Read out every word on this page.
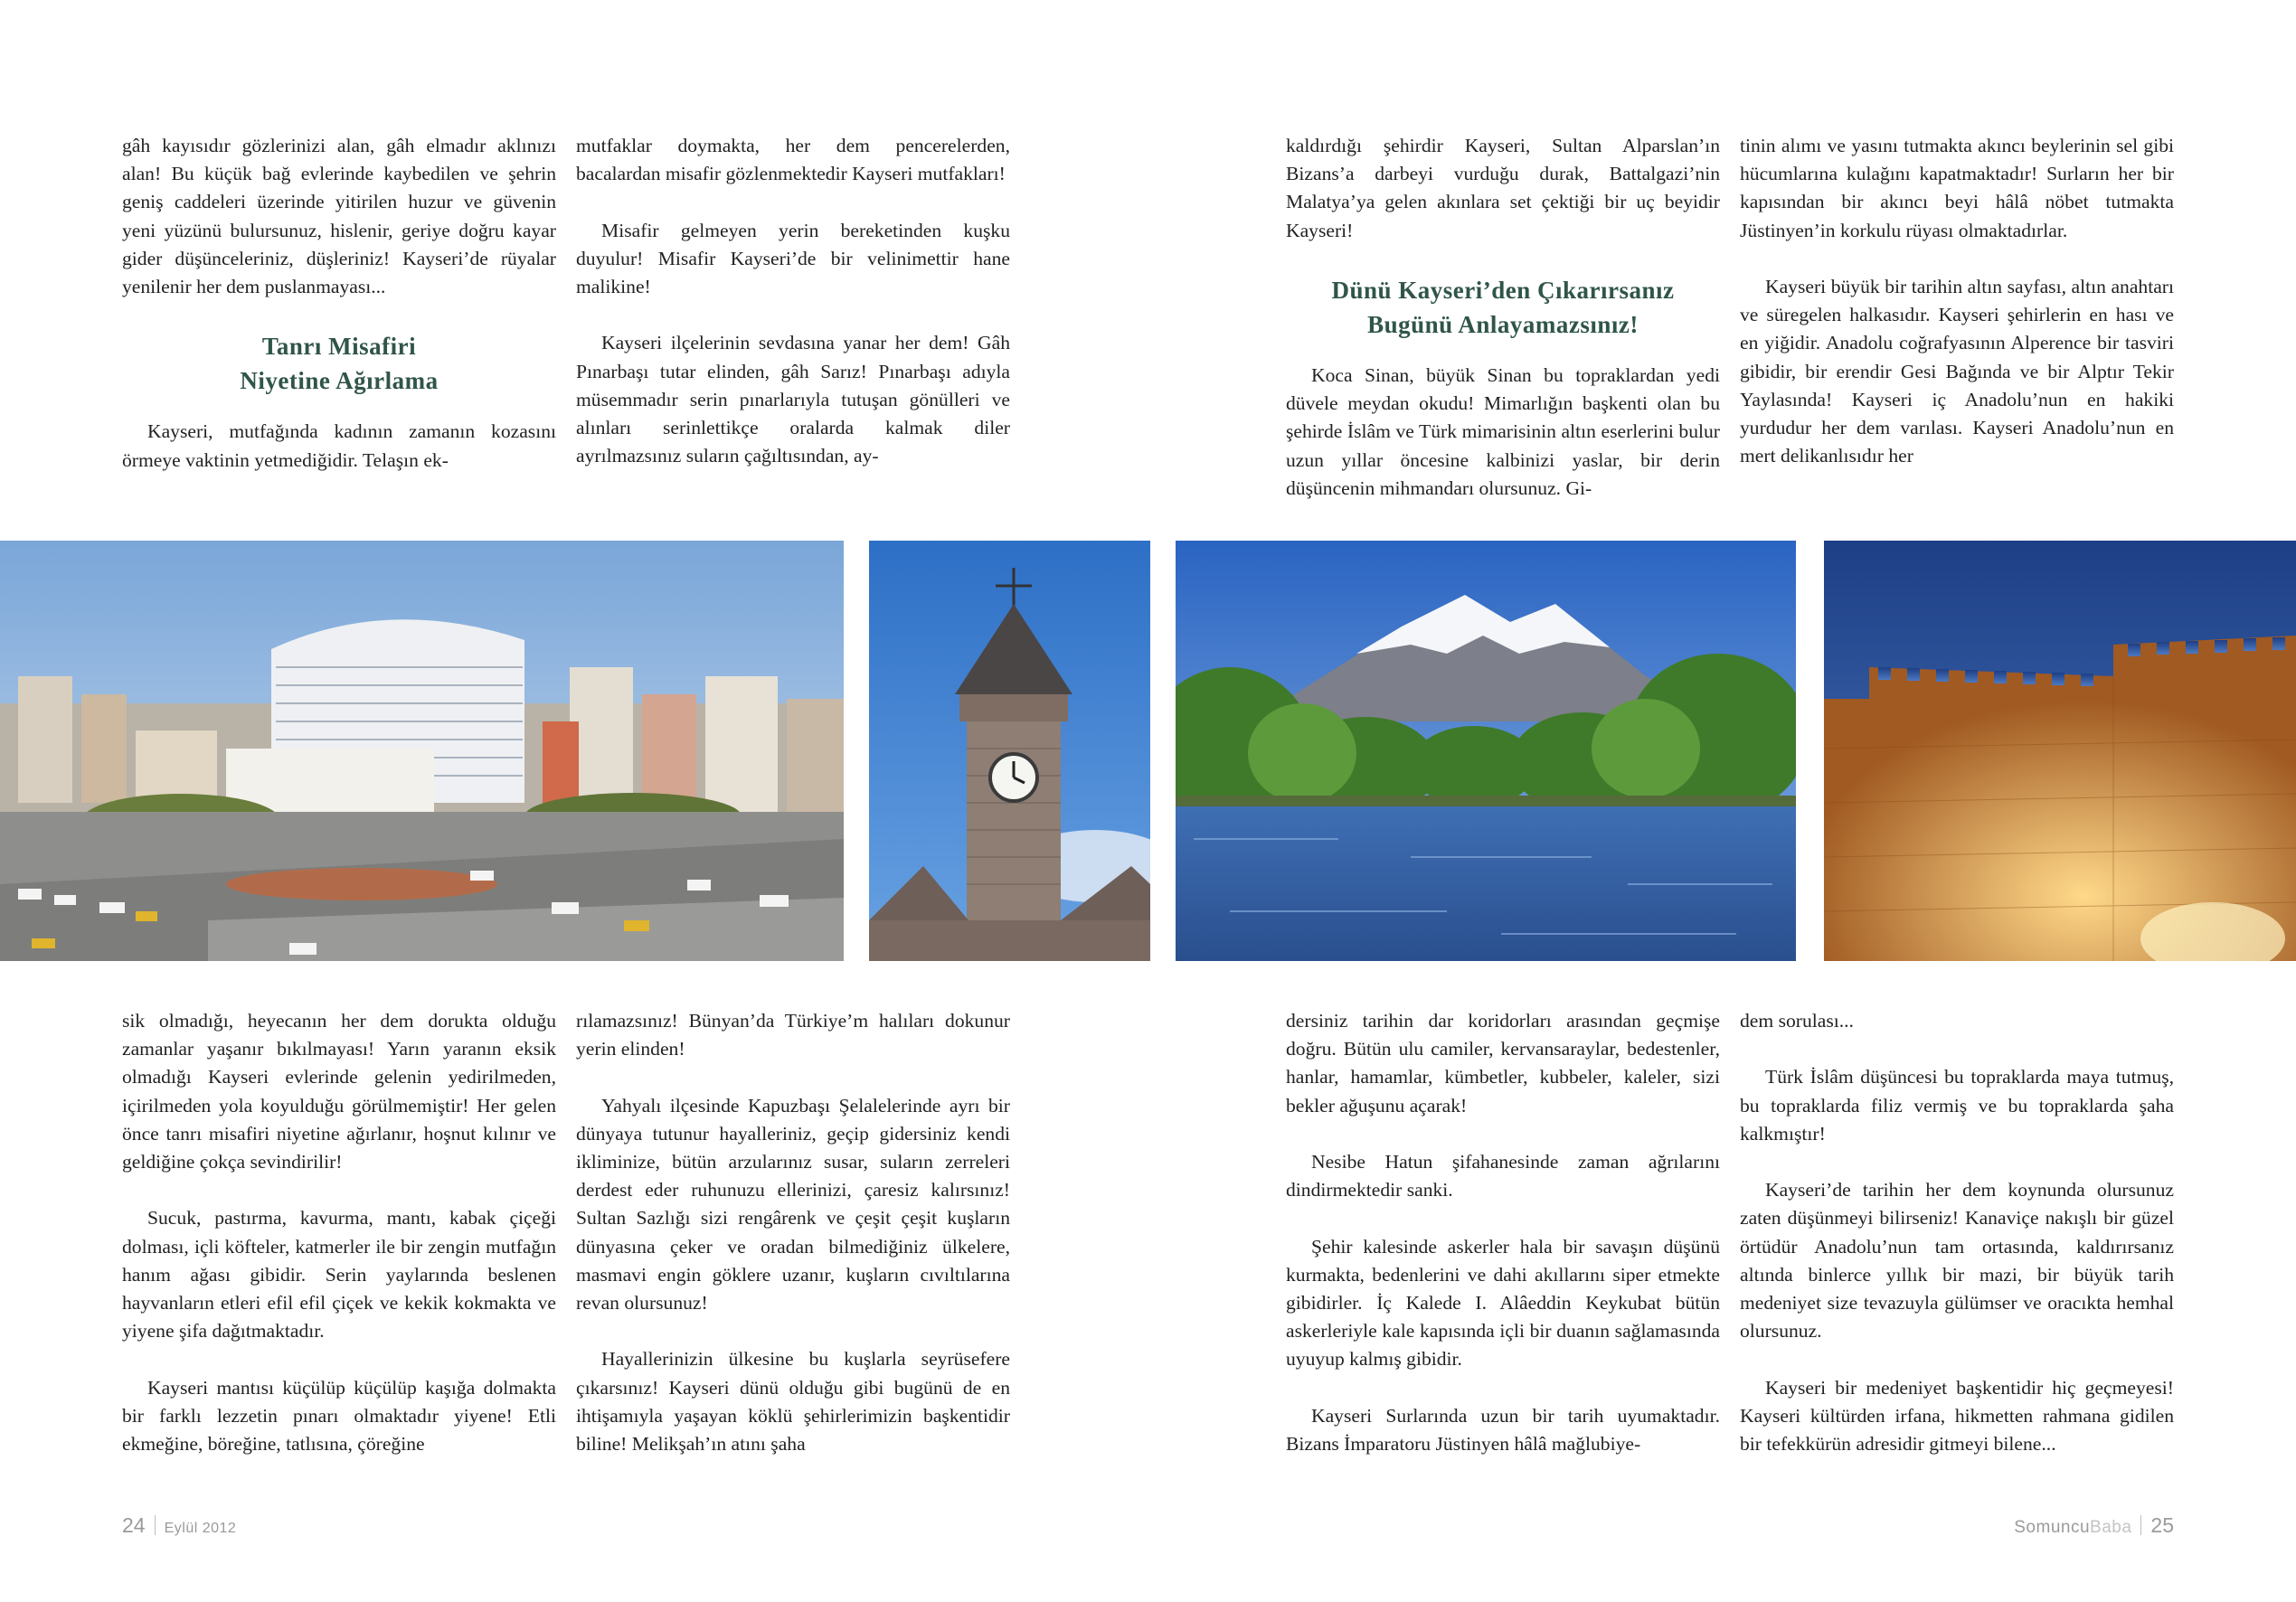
gâh kayısıdır gözlerinizi alan, gâh elmadır aklınızı alan! Bu küçük bağ evlerinde kaybedilen ve şehrin geniş caddeleri üzerinde yitirilen huzur ve güvenin yeni yüzünü bulursunuz, hislenir, geriye doğru kayar gider düşünceleriniz, düşleriniz! Kayseri’de rüyalar yenilenir her dem puslanmayası...

Tanrı Misafiri
Niyetine Ağırlama

Kayseri, mutfağında kadının zamanın kozasını örmeye vaktinin yetmediğidir. Telaşın ek-

mutfaklar doymakta, her dem pencerelerden, bacalardan misafir gözlenmektedir Kayseri mutfakları!

Misafir gelmeyen yerin bereketinden kuşku duyulur! Misafir Kayseri’de bir velinimettir hane malikine!

Kayseri ilçelerinin sevdasına yanar her dem! Gâh Pınarbaşı tutar elinden, gâh Sarız! Pınarbaşı adıyla müsemmadır serin pınarlarıyla tutuşan gönülleri ve alınları serinlettikçe oralarda kalmak diler ayrılmazsınız suların çağıltısından, ay-

kaldırdığı şehirdir Kayseri, Sultan Alparslan’ın Bizans’a darbeyi vurduğu durak, Battalgazi’nin Malatya’ya gelen akınlara set çektiği bir uç beyidir Kayseri!

Dünü Kayseri’den Çıkarırsanız
Bugünü Anlayamazsınız!

Koca Sinan, büyük Sinan bu topraklardan yedi düvele meydan okudu! Mimarlığın başkenti olan bu şehirde İslâm ve Türk mimarisinin altın eserlerini bulur uzun yıllar öncesine kalbinizi yaslar, bir derin düşüncenin mihmandarı olursunuz. Gi-

tinin alımı ve yasını tutmakta akıncı beylerinin sel gibi hücumlarına kulağını kapatmaktadır! Surların her bir kapısından bir akıncı beyi hâlâ nöbet tutmakta Jüstinyen’in korkulu rüyası olmaktadırlar.

Kayseri büyük bir tarihin altın sayfası, altın anahtarı ve süregelen halkasıdır. Kayseri şehirlerin en hası ve en yiğidir. Anadolu coğrafyasının Alperence bir tasviri gibidir, bir erendir Gesi Bağında ve bir Alptır Tekir Yaylasında! Kayseri iç Anadolu’nun en hakiki yurdudur her dem varılası. Kayseri Anadolu’nun en mert delikanlısıdır her

sik olmadığı, heyecanın her dem dorukta olduğu zamanlar yaşanır bıkılmayası! Yarın yaranın eksik olmadığı Kayseri evlerinde gelenin yedirilmeden, içirilmeden yola koyulduğu görülmemiştir! Her gelen önce tanrı misafiri niyetine ağırlanır, hoşnut kılınır ve geldiğine çokça sevindirilir!

Sucuk, pastırma, kavurma, mantı, kabak çiçeği dolması, içli köfteler, katmerler ile bir zengin mutfağın hanım ağası gibidir. Serin yaylarında beslenen hayvanların etleri efil efil çiçek ve kekik kokmakta ve yiyene şifa dağıtmaktadır.

Kayseri mantısı küçülüp küçülüp kaşığa dolmakta bir farklı lezzetin pınarı olmaktadır yiyene! Etli ekmeğine, böreğine, tatlısına, çöreğine

rılamazsınız! Bünyan’da Türkiye’m halıları dokunur yerin elinden!

Yahyalı ilçesinde Kapuzbaşı Şelalelerinde ayrı bir dünyaya tutunur hayalleriniz, geçip gidersiniz kendi ikliminize, bütün arzularınız susar, suların zerreleri derdest eder ruhunuzu ellerinizi, çaresiz kalırsınız! Sultan Sazlığı sizi rengârenk ve çeşit çeşit kuşların dünyasına çeker ve oradan bilmediğiniz ülkelere, masmavi engin göklere uzanır, kuşların cıvıltılarına revan olursunuz!

Hayallerinizin ülkesine bu kuşlarla seyrüsefere çıkarsınız! Kayseri dünü olduğu gibi bugünü de en ihtişamıyla yaşayan köklü şehirlerimizin başkentidir biline! Melikşah’ın atını şaha

dersiniz tarihin dar koridorları arasından geçmişe doğru. Bütün ulu camiler, kervansaraylar, bedestenler, hanlar, hamamlar, kümbetler, kubbeler, kaleler, sizi bekler ağuşunu açarak!

Nesibe Hatun şifahanesinde zaman ağrılarını dindirmektedir sanki.

Şehir kalesinde askerler hala bir savaşın düşünü kurmakta, bedenlerini ve dahi akıllarını siper etmekte gibidirler. İç Kalede I. Alâeddin Keykubat bütün askerleriyle kale kapısında içli bir duanın sağlamasında uyuyup kalmış gibidir.

Kayseri Surlarında uzun bir tarih uyumaktadır. Bizans İmparatoru Jüstinyen hâlâ mağlubiye-

dem sorulası...

Türk İslâm düşüncesi bu topraklarda maya tutmuş, bu topraklarda filiz vermiş ve bu topraklarda şaha kalkmıştır!

Kayseri’de tarihin her dem koynunda olursunuz zaten düşünmeyi bilirseniz! Kanaviçe nakışlı bir güzel örtüdür Anadolu’nun tam ortasında, kaldırırsanız altında binlerce yıllık bir mazi, bir büyük tarih medeniyet size tevazuyla gülümser ve oracıkta hemhal olursunuz.

Kayseri bir medeniyet başkentidir hiç geçmeyesi! Kayseri kültürden irfana, hikmetten rahmana gidilen bir tefekkürün adresidir gitmeyi bilene...

24 Eylül 2012	SomuncuBaba 25
